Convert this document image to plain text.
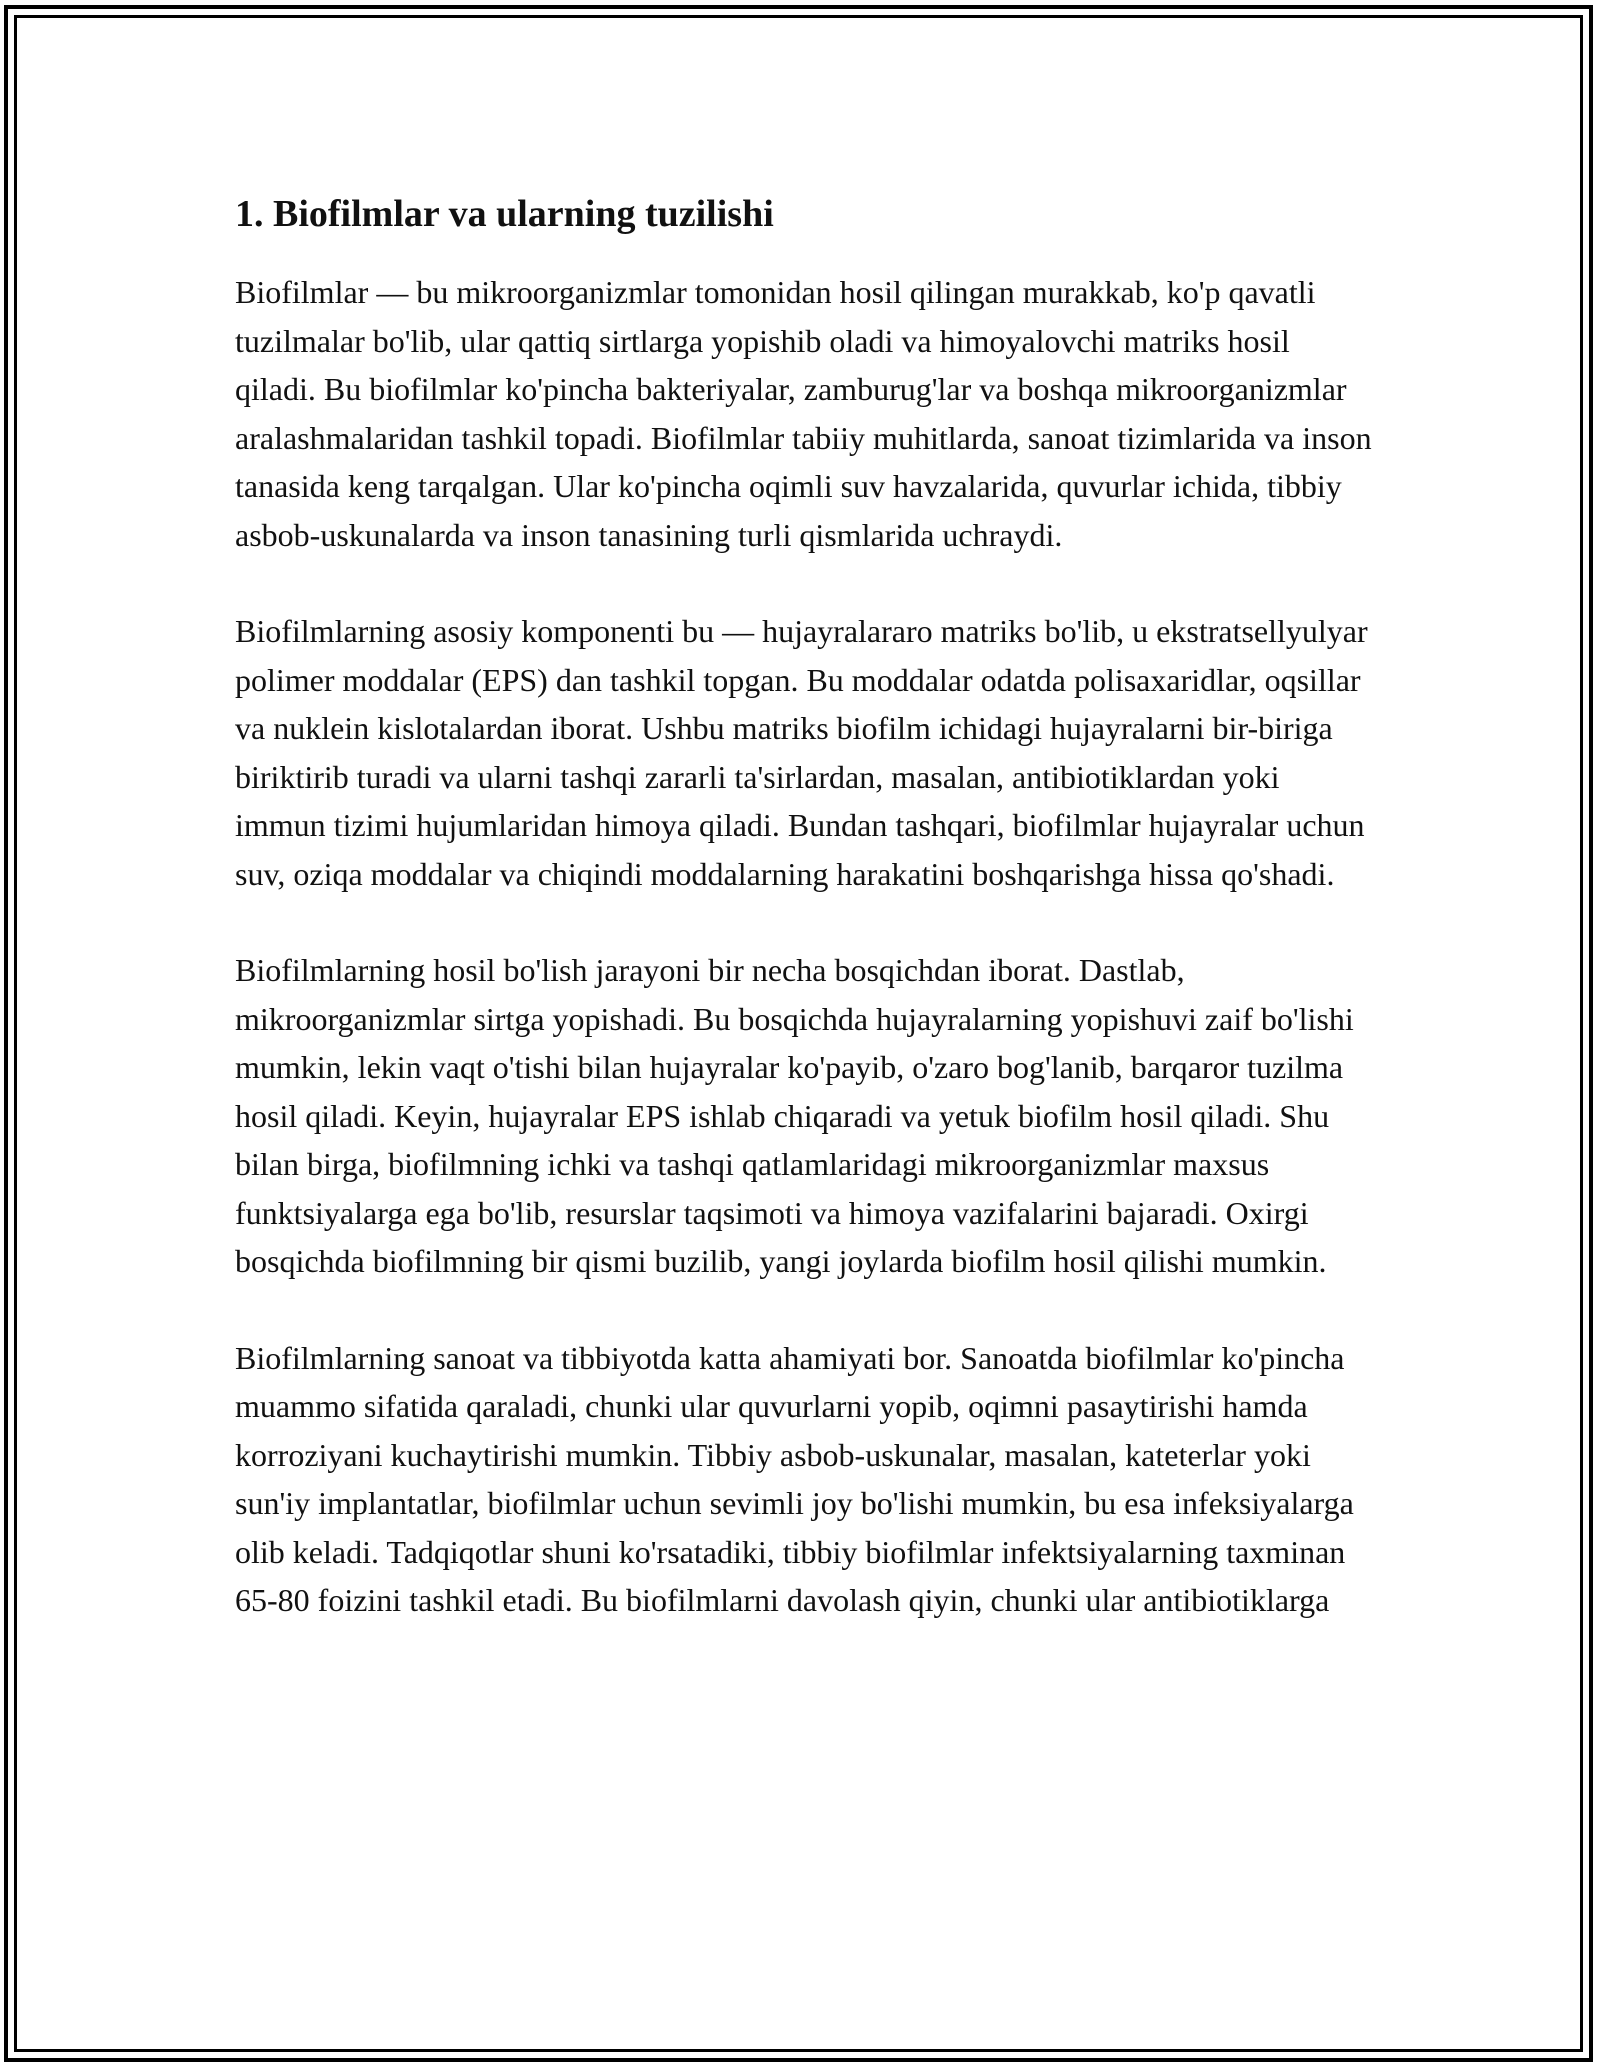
1. Biofilmlar va ularning tuzilishi

Biofilmlar — bu mikroorganizmlar tomonidan hosil qilingan murakkab, ko'p qavatli tuzilmalar bo'lib, ular qattiq sirtlarga yopishib oladi va himoyalovchi matriks hosil qiladi. Bu biofilmlar ko'pincha bakteriyalar, zamburug'lar va boshqa mikroorganizmlar aralashmalaridan tashkil topadi. Biofilmlar tabiiy muhitlarda, sanoat tizimlarida va inson tanasida keng tarqalgan. Ular ko'pincha oqimli suv havzalarida, quvurlar ichida, tibbiy asbob-uskunalarda va inson tanasining turli qismlarida uchraydi.

Biofilmlarning asosiy komponenti bu — hujayralararo matriks bo'lib, u ekstratsellyulyar polimer moddalar (EPS) dan tashkil topgan. Bu moddalar odatda polisaxaridlar, oqsillar va nuklein kislotalardan iborat. Ushbu matriks biofilm ichidagi hujayralarni bir-biriga biriktirib turadi va ularni tashqi zararli ta'sirlardan, masalan, antibiotiklardan yoki immun tizimi hujumlaridan himoya qiladi. Bundan tashqari, biofilmlar hujayralar uchun suv, oziqa moddalar va chiqindi moddalarning harakatini boshqarishga hissa qo'shadi.

Biofilmlarning hosil bo'lish jarayoni bir necha bosqichdan iborat. Dastlab, mikroorganizmlar sirtga yopishadi. Bu bosqichda hujayralarning yopishuvi zaif bo'lishi mumkin, lekin vaqt o'tishi bilan hujayralar ko'payib, o'zaro bog'lanib, barqaror tuzilma hosil qiladi. Keyin, hujayralar EPS ishlab chiqaradi va yetuk biofilm hosil qiladi. Shu bilan birga, biofilmning ichki va tashqi qatlamlaridagi mikroorganizmlar maxsus funktsiyalarga ega bo'lib, resurslar taqsimoti va himoya vazifalarini bajaradi. Oxirgi bosqichda biofilmning bir qismi buzilib, yangi joylarda biofilm hosil qilishi mumkin.

Biofilmlarning sanoat va tibbiyotda katta ahamiyati bor. Sanoatda biofilmlar ko'pincha muammo sifatida qaraladi, chunki ular quvurlarni yopib, oqimni pasaytirishi hamda korroziyani kuchaytirishi mumkin. Tibbiy asbob-uskunalar, masalan, kateterlar yoki sun'iy implantatlar, biofilmlar uchun sevimli joy bo'lishi mumkin, bu esa infeksiyalarga olib keladi. Tadqiqotlar shuni ko'rsatadiki, tibbiy biofilmlar infektsiyalarning taxminan 65-80 foizini tashkil etadi. Bu biofilmlarni davolash qiyin, chunki ular antibiotiklarga
